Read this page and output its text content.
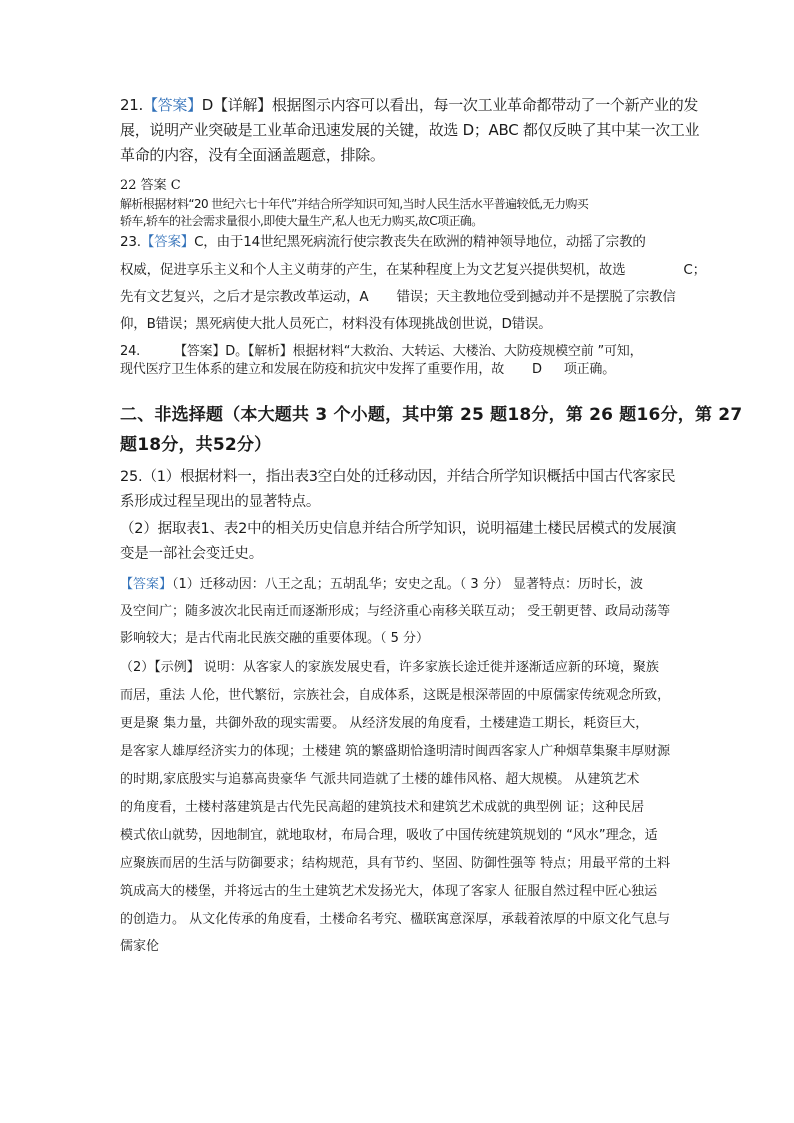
21.【答案】D【详解】根据图示内容可以看出，每一次工业革命都带动了一个新产业的发
展，说明产业突破是工业革命迅速发展的关键，故选 D；ABC 都仅反映了其中某一次工业
革命的内容，没有全面涵盖题意，排除。
22 答案 C
解析根据材料“20 世纪六七十年代”并结合所学知识可知,当时人民生活水平普遍较低,无力购买
轿车,轿车的社会需求量很小,即使大量生产,私人也无力购买,故C项正确。
23.【答案】C，由于14世纪黑死病流行使宗教丧失在欧洲的精神领导地位，动摇了宗教的
权威，促进享乐主义和个人主义萌芽的产生，在某种程度上为文艺复兴提供契机，故选	C；
先有文艺复兴，之后才是宗教改革运动，A 错误；天主教地位受到撼动并不是摆脱了宗教信
仰，B错误；黑死病使大批人员死亡，材料没有体现挑战创世说，D错误。
24.	【答案】D。【解析】根据材料“大救治、大转运、大楼治、大防疫规模空前 ”可知，
现代医疗卫生体系的建立和发展在防疫和抗灾中发挥了重要作用，故 D 项正确。
二、非选择题（本大题共 3 个小题，其中第 25 题18分，第 26 题16分，第 27
题18分，共52分）
25.（1）根据材料一，指出表3空白处的迁移动因，并结合所学知识概括中国古代客家民
系形成过程呈现出的显著特点。
（2）据取表1、表2中的相关历史信息并结合所学知识，说明福建土楼民居模式的发展演
变是一部社会变迁史。
【答案】（1）迁移动因：八王之乱；五胡乱华；安史之乱。（ 3 分） 显著特点：历时长，波
及空间广；随多波次北民南迁而逐渐形成；与经济重心南移关联互动； 受王朝更替、政局动荡等
影响较大；是古代南北民族交融的重要体现。（ 5 分）
（2）【示例】 说明：从客家人的家族发展史看，许多家族长途迁徙并逐渐适应新的环境，聚族
而居，重法 人伦，世代繁衍，宗族社会，自成体系，这既是根深蒂固的中原儒家传统观念所致，
更是聚 集力量，共御外敌的现实需要。 从经济发展的角度看，土楼建造工期长，耗资巨大，
是客家人雄厚经济实力的体现；土楼建 筑的繁盛期恰逢明清时闽西客家人广种烟草集聚丰厚财源
的时期,家底殷实与追慕高贵豪华 气派共同造就了土楼的雄伟风格、超大规模。 从建筑艺术
的角度看，土楼村落建筑是古代先民高超的建筑技术和建筑艺术成就的典型例 证；这种民居
模式依山就势，因地制宜，就地取材，布局合理，吸收了中国传统建筑规划的 “风水”理念，适
应聚族而居的生活与防御要求；结构规范，具有节约、坚固、防御性强等 特点；用最平常的土料
筑成高大的楼堡，并将远古的生土建筑艺术发扬光大，体现了客家人 征服自然过程中匠心独运
的创造力。 从文化传承的角度看，土楼命名考究、楹联寓意深厚，承载着浓厚的中原文化气息与
儒家伦
